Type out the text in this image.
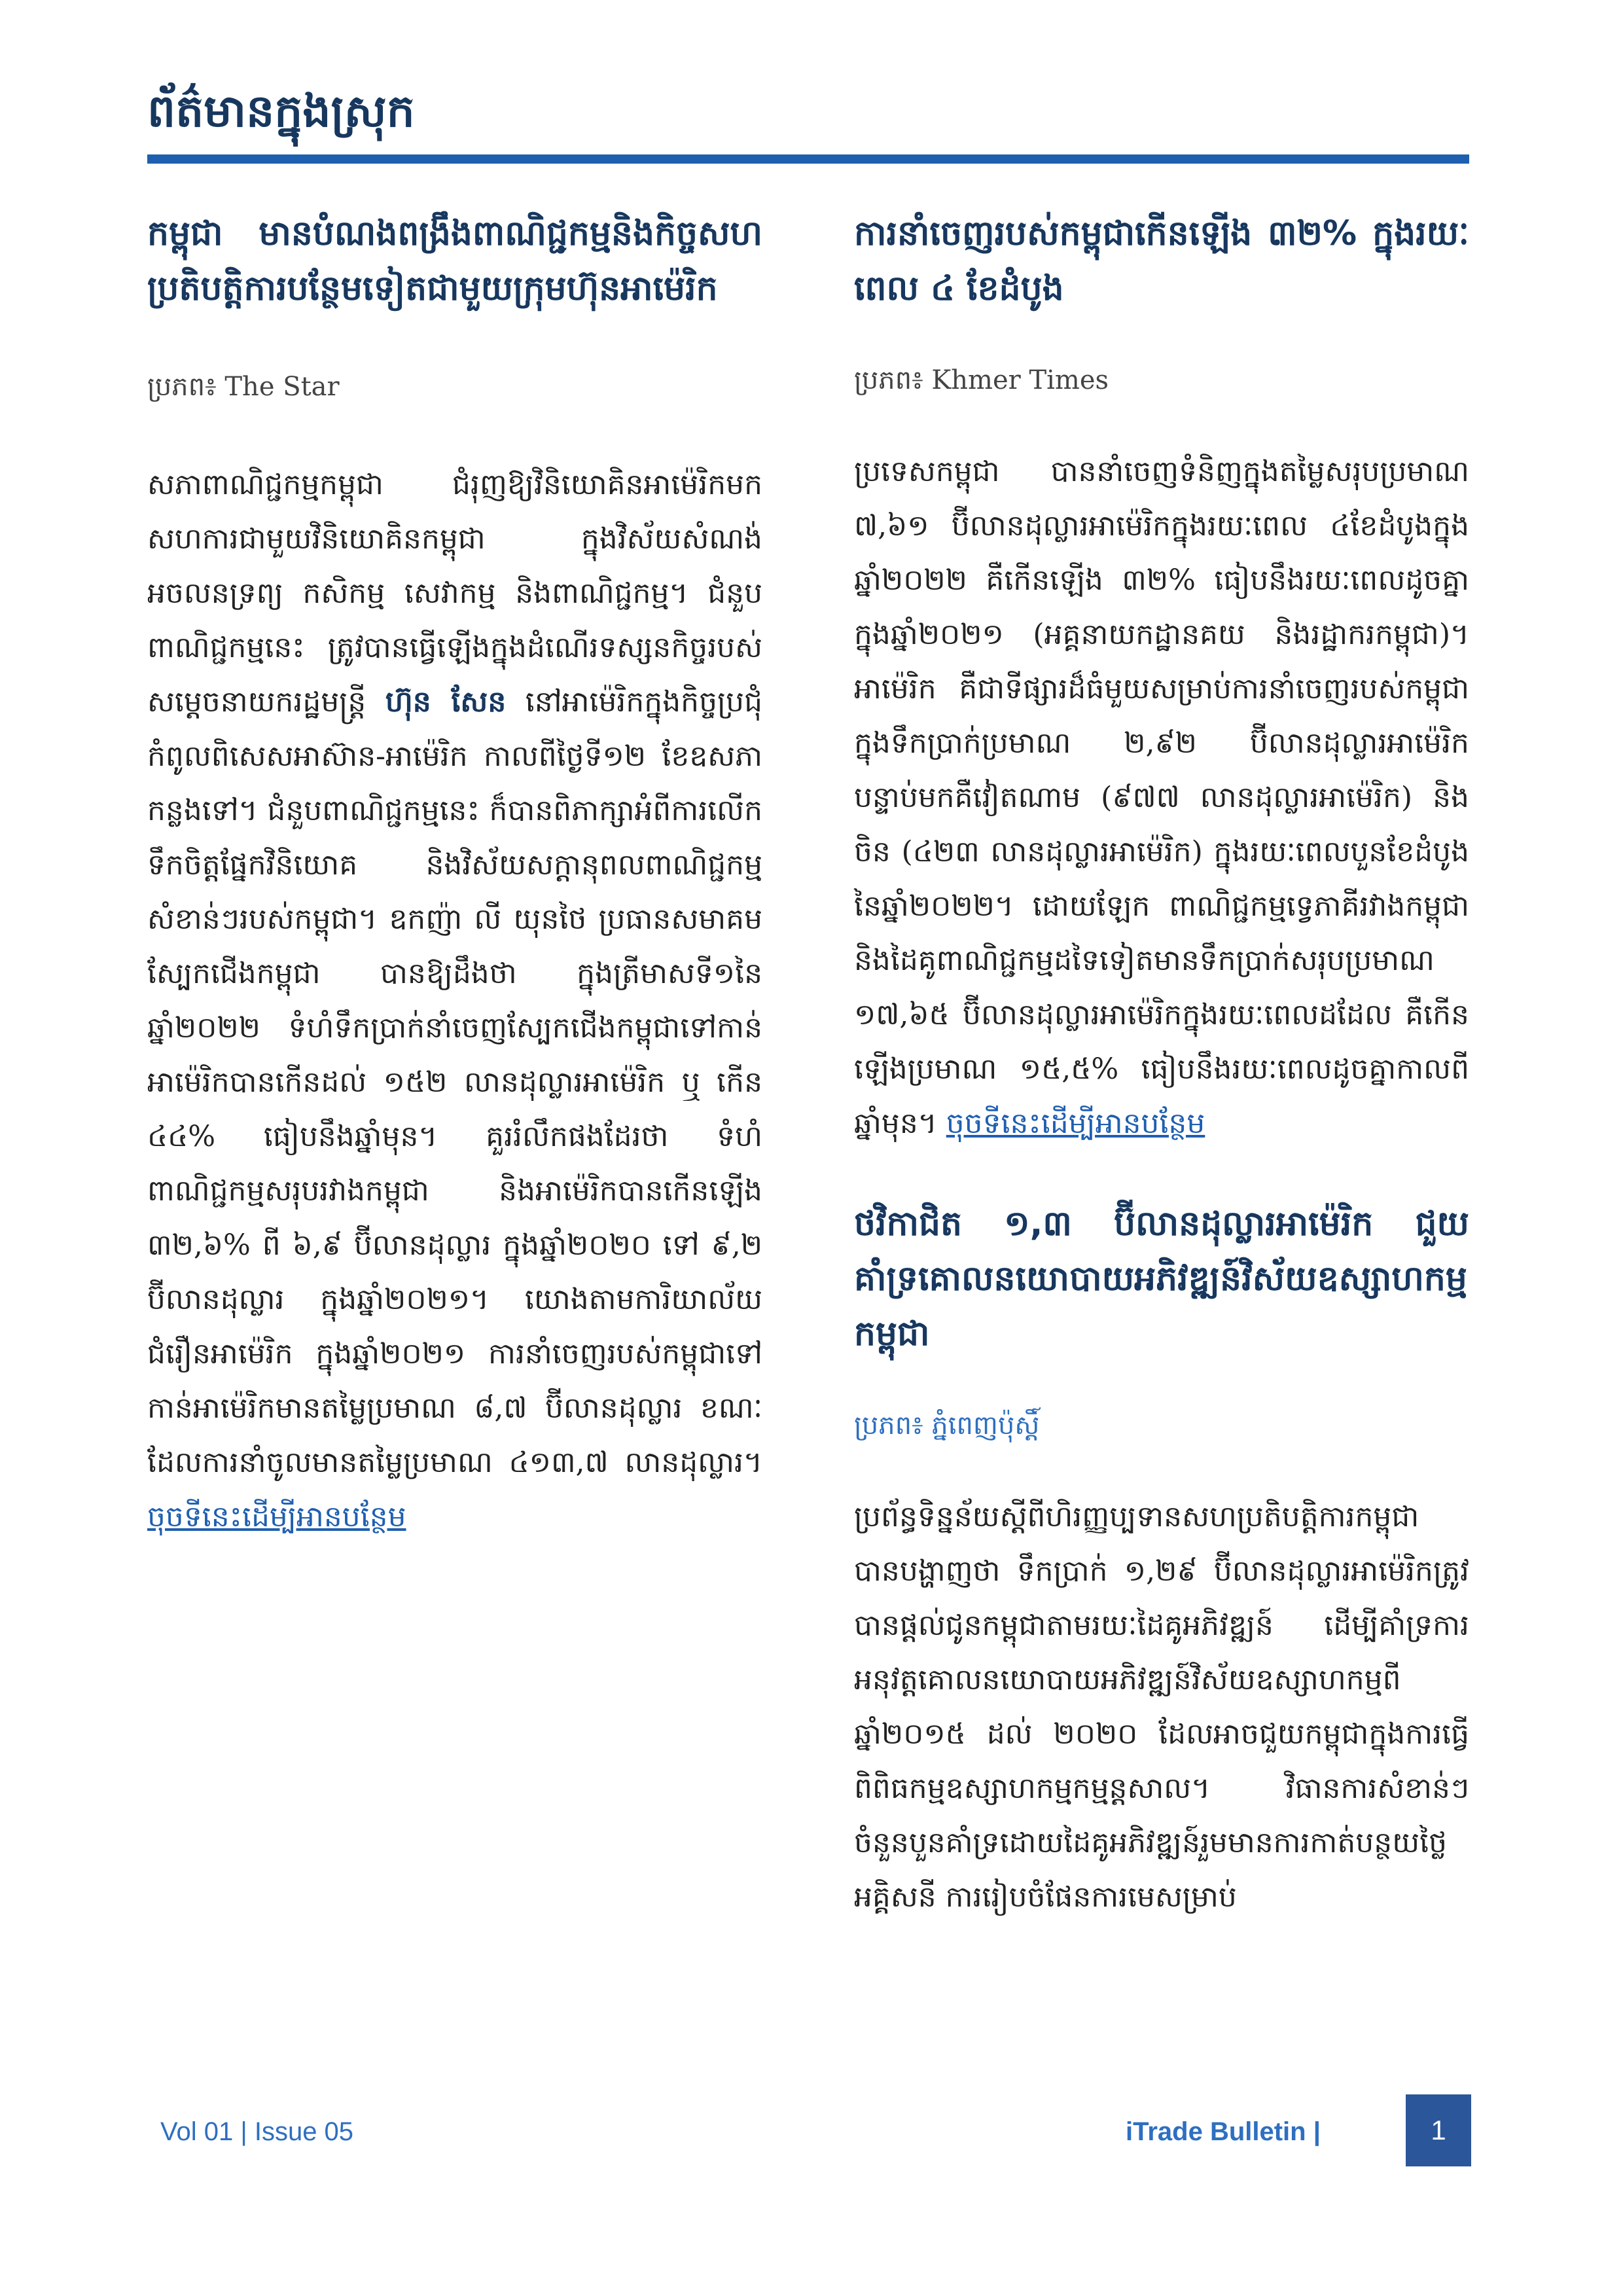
ព័ត៌មានក្នុងស្រុក
កម្ពុជា មានបំណងពង្រឹងពាណិជ្ជកម្មនិងកិច្ចសហប្រតិបត្តិការបន្ថែមទៀតជាមួយក្រុមហ៊ុនអាម៉េរិក
ប្រភព៖ The Star

សភាពាណិជ្ជកម្មកម្ពុជា ជំរុញឱ្យវិនិយោគិនអាម៉េរិកមកសហការជាមួយវិនិយោគិនកម្ពុជា ក្នុងវិស័យសំណង់ អចលនទ្រព្យ កសិកម្ម សេវាកម្ម និងពាណិជ្ជកម្ម។ ជំនួបពាណិជ្ជកម្មនេះ ត្រូវបានធ្វើឡើងក្នុងដំណើរទស្សនកិច្ចរបស់សម្តេចនាយករដ្ឋមន្ត្រី ហ៊ុន សែន នៅអាម៉េរិកក្នុងកិច្ចប្រជុំកំពូលពិសេសអាស៊ាន-អាម៉េរិក កាលពីថ្ងៃទី១២ ខែឧសភា កន្លងទៅ។ ជំនួបពាណិជ្ជកម្មនេះ ក៏បានពិភាក្សាអំពីការលើកទឹកចិត្តផ្នែកវិនិយោគ និងវិស័យសក្តានុពលពាណិជ្ជកម្មសំខាន់ៗរបស់កម្ពុជា។ ឧកញ៉ា លី យុនថៃ ប្រធានសមាគមស្បែកជើងកម្ពុជា បានឱ្យដឹងថា ក្នុងត្រីមាសទី១នៃឆ្នាំ២០២២ ទំហំទឹកប្រាក់នាំចេញស្បែកជើងកម្ពុជាទៅកាន់អាម៉េរិកបានកើនដល់ ១៥២ លានដុល្លារអាម៉េរិក ឬ កើន ៤៤% ធៀបនឹងឆ្នាំមុន។ គួររំលឹកផងដែរថា ទំហំពាណិជ្ជកម្មសរុបរវាងកម្ពុជា និងអាម៉េរិកបានកើនឡើង ៣២,៦% ពី ៦,៩ ប៊ីលានដុល្លារ ក្នុងឆ្នាំ២០២០ ទៅ ៩,២ ប៊ីលានដុល្លារ ក្នុងឆ្នាំ២០២១។ យោងតាមការិយាល័យជំរឿនអាម៉េរិក ក្នុងឆ្នាំ២០២១ ការនាំចេញរបស់កម្ពុជាទៅកាន់អាម៉េរិកមានតម្លៃប្រមាណ ៨,៧ ប៊ីលានដុល្លារ ខណៈដែលការនាំចូលមានតម្លៃប្រមាណ ៤១៣,៧ លានដុល្លារ។ ចុចទីនេះដើម្បីអានបន្ថែម

ការនាំចេញរបស់កម្ពុជាកើនឡើង ៣២% ក្នុងរយៈពេល ៤ ខែដំបូង
ប្រភព៖ Khmer Times

ប្រទេសកម្ពុជា បាននាំចេញទំនិញក្នុងតម្លៃសរុបប្រមាណ ៧,៦១ ប៊ីលានដុល្លារអាម៉េរិកក្នុងរយៈពេល ៤ខែដំបូងក្នុងឆ្នាំ២០២២ គឺកើនឡើង ៣២% ធៀបនឹងរយៈពេលដូចគ្នាក្នុងឆ្នាំ២០២១ (អគ្គនាយកដ្ឋានគយ និងរដ្ឋាករកម្ពុជា)។ អាម៉េរិក គឺជាទីផ្សារដ៏ធំមួយសម្រាប់ការនាំចេញរបស់កម្ពុជាក្នុងទឹកប្រាក់ប្រមាណ ២,៩២ ប៊ីលានដុល្លារអាម៉េរិក បន្ទាប់មកគឺវៀតណាម (៩៧៧ លានដុល្លារអាម៉េរិក) និង ចិន (៤២៣ លានដុល្លារអាម៉េរិក) ក្នុងរយៈពេលបួនខែដំបូងនៃឆ្នាំ២០២២។ ដោយឡែក ពាណិជ្ជកម្មទ្វេភាគីរវាងកម្ពុជា និងដៃគូពាណិជ្ជកម្មដទៃទៀតមានទឹកប្រាក់សរុបប្រមាណ ១៧,៦៥ ប៊ីលានដុល្លារអាម៉េរិកក្នុងរយៈពេលដដែល គឺកើនឡើងប្រមាណ ១៥,៥% ធៀបនឹងរយៈពេលដូចគ្នាកាលពីឆ្នាំមុន។ ចុចទីនេះដើម្បីអានបន្ថែម

ថវិកាជិត ១,៣ ប៊ីលានដុល្លារអាម៉េរិក ជួយគាំទ្រគោលនយោបាយអភិវឌ្ឍន៍វិស័យឧស្សាហកម្មកម្ពុជា
ប្រភព៖ ភ្នំពេញប៉ុស្តិ៍

ប្រព័ន្ធទិន្នន័យស្តីពីហិរញ្ញប្បទានសហប្រតិបត្តិការកម្ពុជា បានបង្ហាញថា ទឹកប្រាក់ ១,២៩ ប៊ីលានដុល្លារអាម៉េរិកត្រូវបានផ្តល់ជូនកម្ពុជាតាមរយៈដៃគូអភិវឌ្ឍន៍ ដើម្បីគាំទ្រការអនុវត្តគោលនយោបាយអភិវឌ្ឍន៍វិស័យឧស្សាហកម្មពីឆ្នាំ២០១៥ ដល់ ២០២០ ដែលអាចជួយកម្ពុជាក្នុងការធ្វើពិពិធកម្មឧស្សាហកម្មកម្មន្តសាល។ វិធានការសំខាន់ៗចំនួនបួនគាំទ្រដោយដៃគូអភិវឌ្ឍន៍រួមមានការកាត់បន្ថយថ្លៃអគ្គិសនី ការរៀបចំផែនការមេសម្រាប់

Vol 01 | Issue 05	iTrade Bulletin |	1
